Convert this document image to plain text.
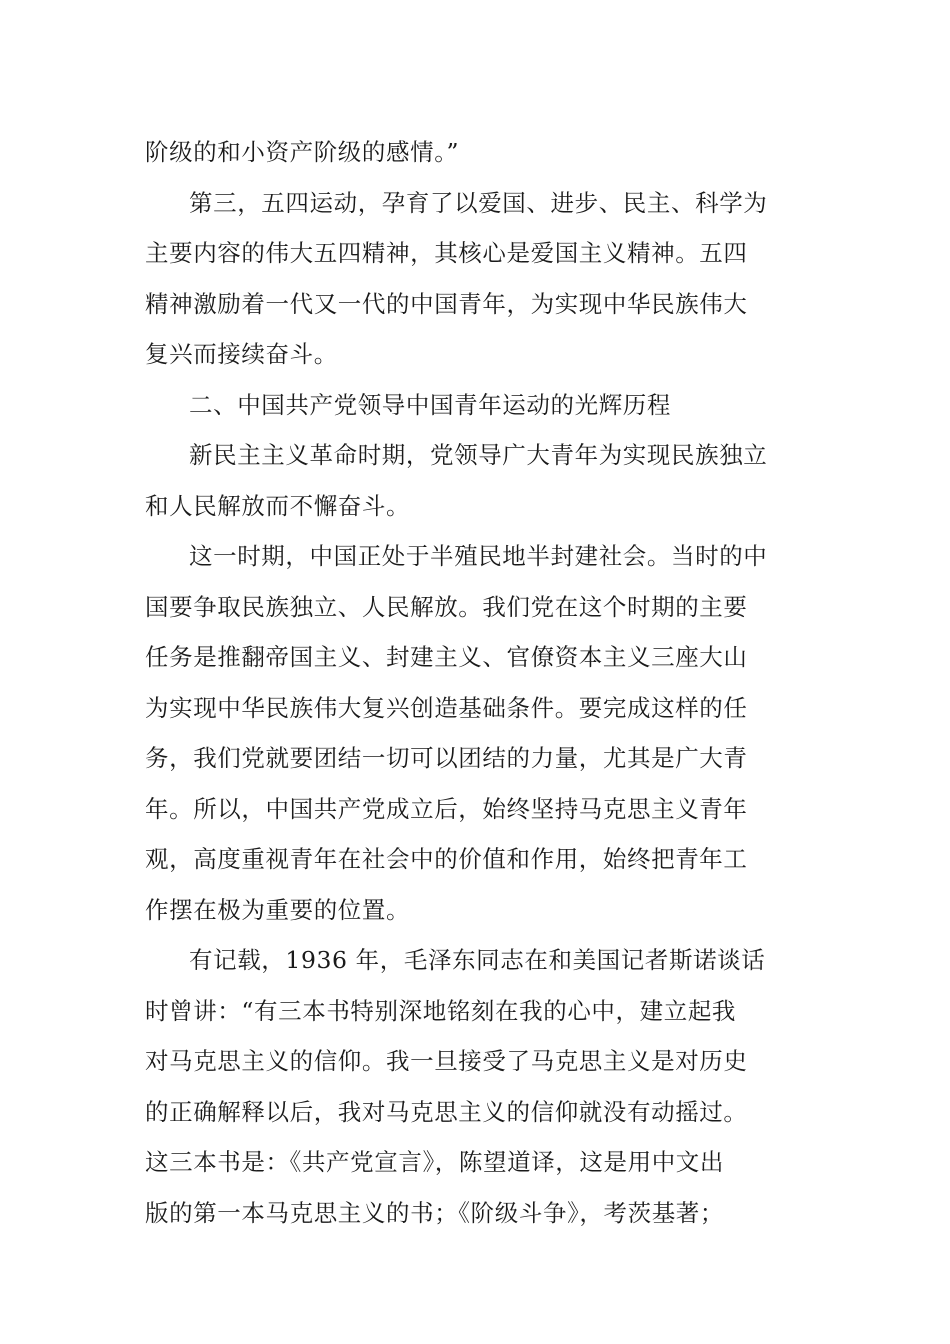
阶级的和小资产阶级的感情。”
第三，五四运动，孕育了以爱国、进步、民主、科学为
主要内容的伟大五四精神，其核心是爱国主义精神。五四
精神激励着一代又一代的中国青年，为实现中华民族伟大
复兴而接续奋斗。
二、中国共产党领导中国青年运动的光辉历程
新民主主义革命时期，党领导广大青年为实现民族独立
和人民解放而不懈奋斗。
这一时期，中国正处于半殖民地半封建社会。当时的中
国要争取民族独立、人民解放。我们党在这个时期的主要
任务是推翻帝国主义、封建主义、官僚资本主义三座大山
为实现中华民族伟大复兴创造基础条件。要完成这样的任
务，我们党就要团结一切可以团结的力量，尤其是广大青
年。所以，中国共产党成立后，始终坚持马克思主义青年
观，高度重视青年在社会中的价值和作用，始终把青年工
作摆在极为重要的位置。
有记载，1936 年，毛泽东同志在和美国记者斯诺谈话
时曾讲：“有三本书特别深地铭刻在我的心中，建立起我
对马克思主义的信仰。我一旦接受了马克思主义是对历史
的正确解释以后，我对马克思主义的信仰就没有动摇过。
这三本书是：《共产党宣言》，陈望道译，这是用中文出
版的第一本马克思主义的书；《阶级斗争》，考茨基著；
